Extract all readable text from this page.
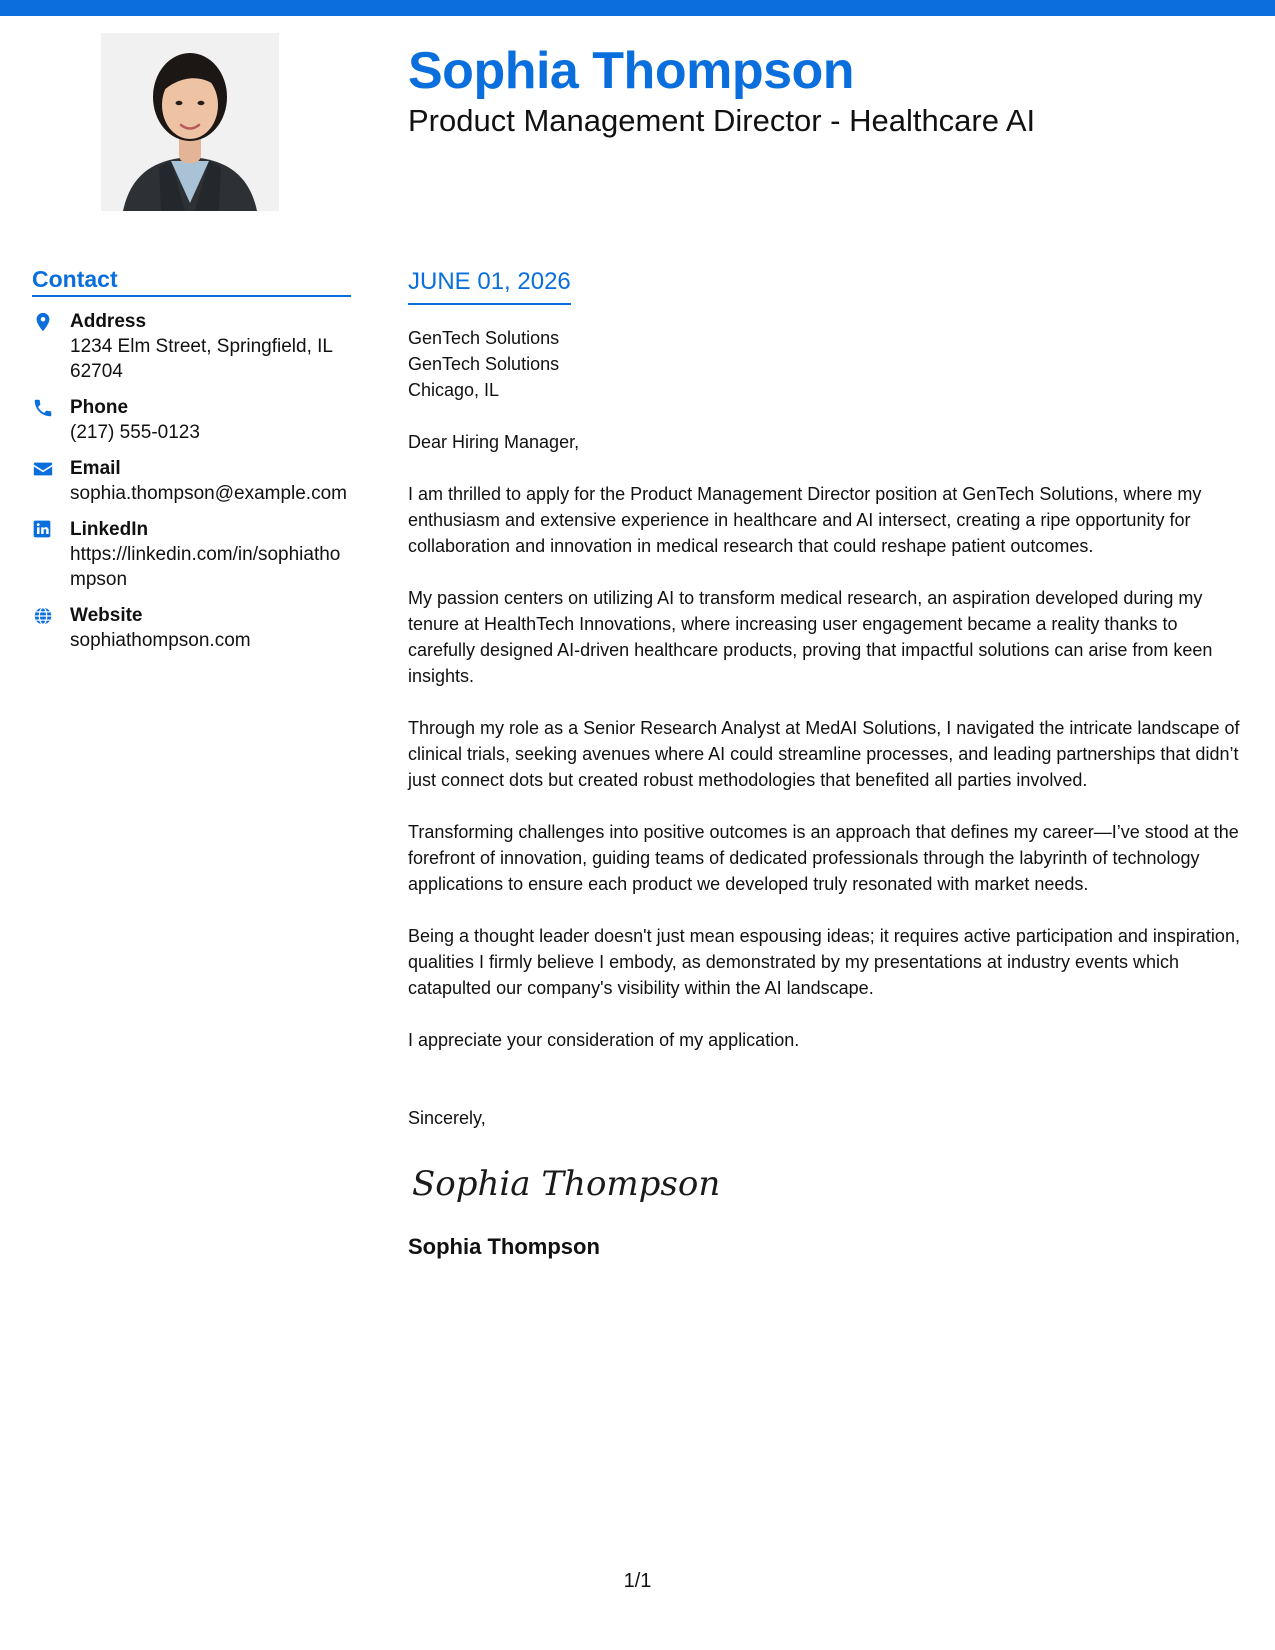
Sophia Thompson
Product Management Director - Healthcare AI
Contact
Address
1234 Elm Street, Springfield, IL 62704
Phone
(217) 555-0123
Email
sophia.thompson@example.com
LinkedIn
https://linkedin.com/in/sophiathompson
Website
sophiathompson.com
JUNE 01, 2026
GenTech Solutions
GenTech Solutions
Chicago, IL
Dear Hiring Manager,

I am thrilled to apply for the Product Management Director position at GenTech Solutions, where my enthusiasm and extensive experience in healthcare and AI intersect, creating a ripe opportunity for collaboration and innovation in medical research that could reshape patient outcomes.

My passion centers on utilizing AI to transform medical research, an aspiration developed during my tenure at HealthTech Innovations, where increasing user engagement became a reality thanks to carefully designed AI-driven healthcare products, proving that impactful solutions can arise from keen insights.

Through my role as a Senior Research Analyst at MedAI Solutions, I navigated the intricate landscape of clinical trials, seeking avenues where AI could streamline processes, and leading partnerships that didn’t just connect dots but created robust methodologies that benefited all parties involved.

Transforming challenges into positive outcomes is an approach that defines my career—I’ve stood at the forefront of innovation, guiding teams of dedicated professionals through the labyrinth of technology applications to ensure each product we developed truly resonated with market needs.

Being a thought leader doesn't just mean espousing ideas; it requires active participation and inspiration, qualities I firmly believe I embody, as demonstrated by my presentations at industry events which catapulted our company's visibility within the AI landscape.

I appreciate your consideration of my application.

Sincerely,
Sophia Thompson
Sophia Thompson
1/1
